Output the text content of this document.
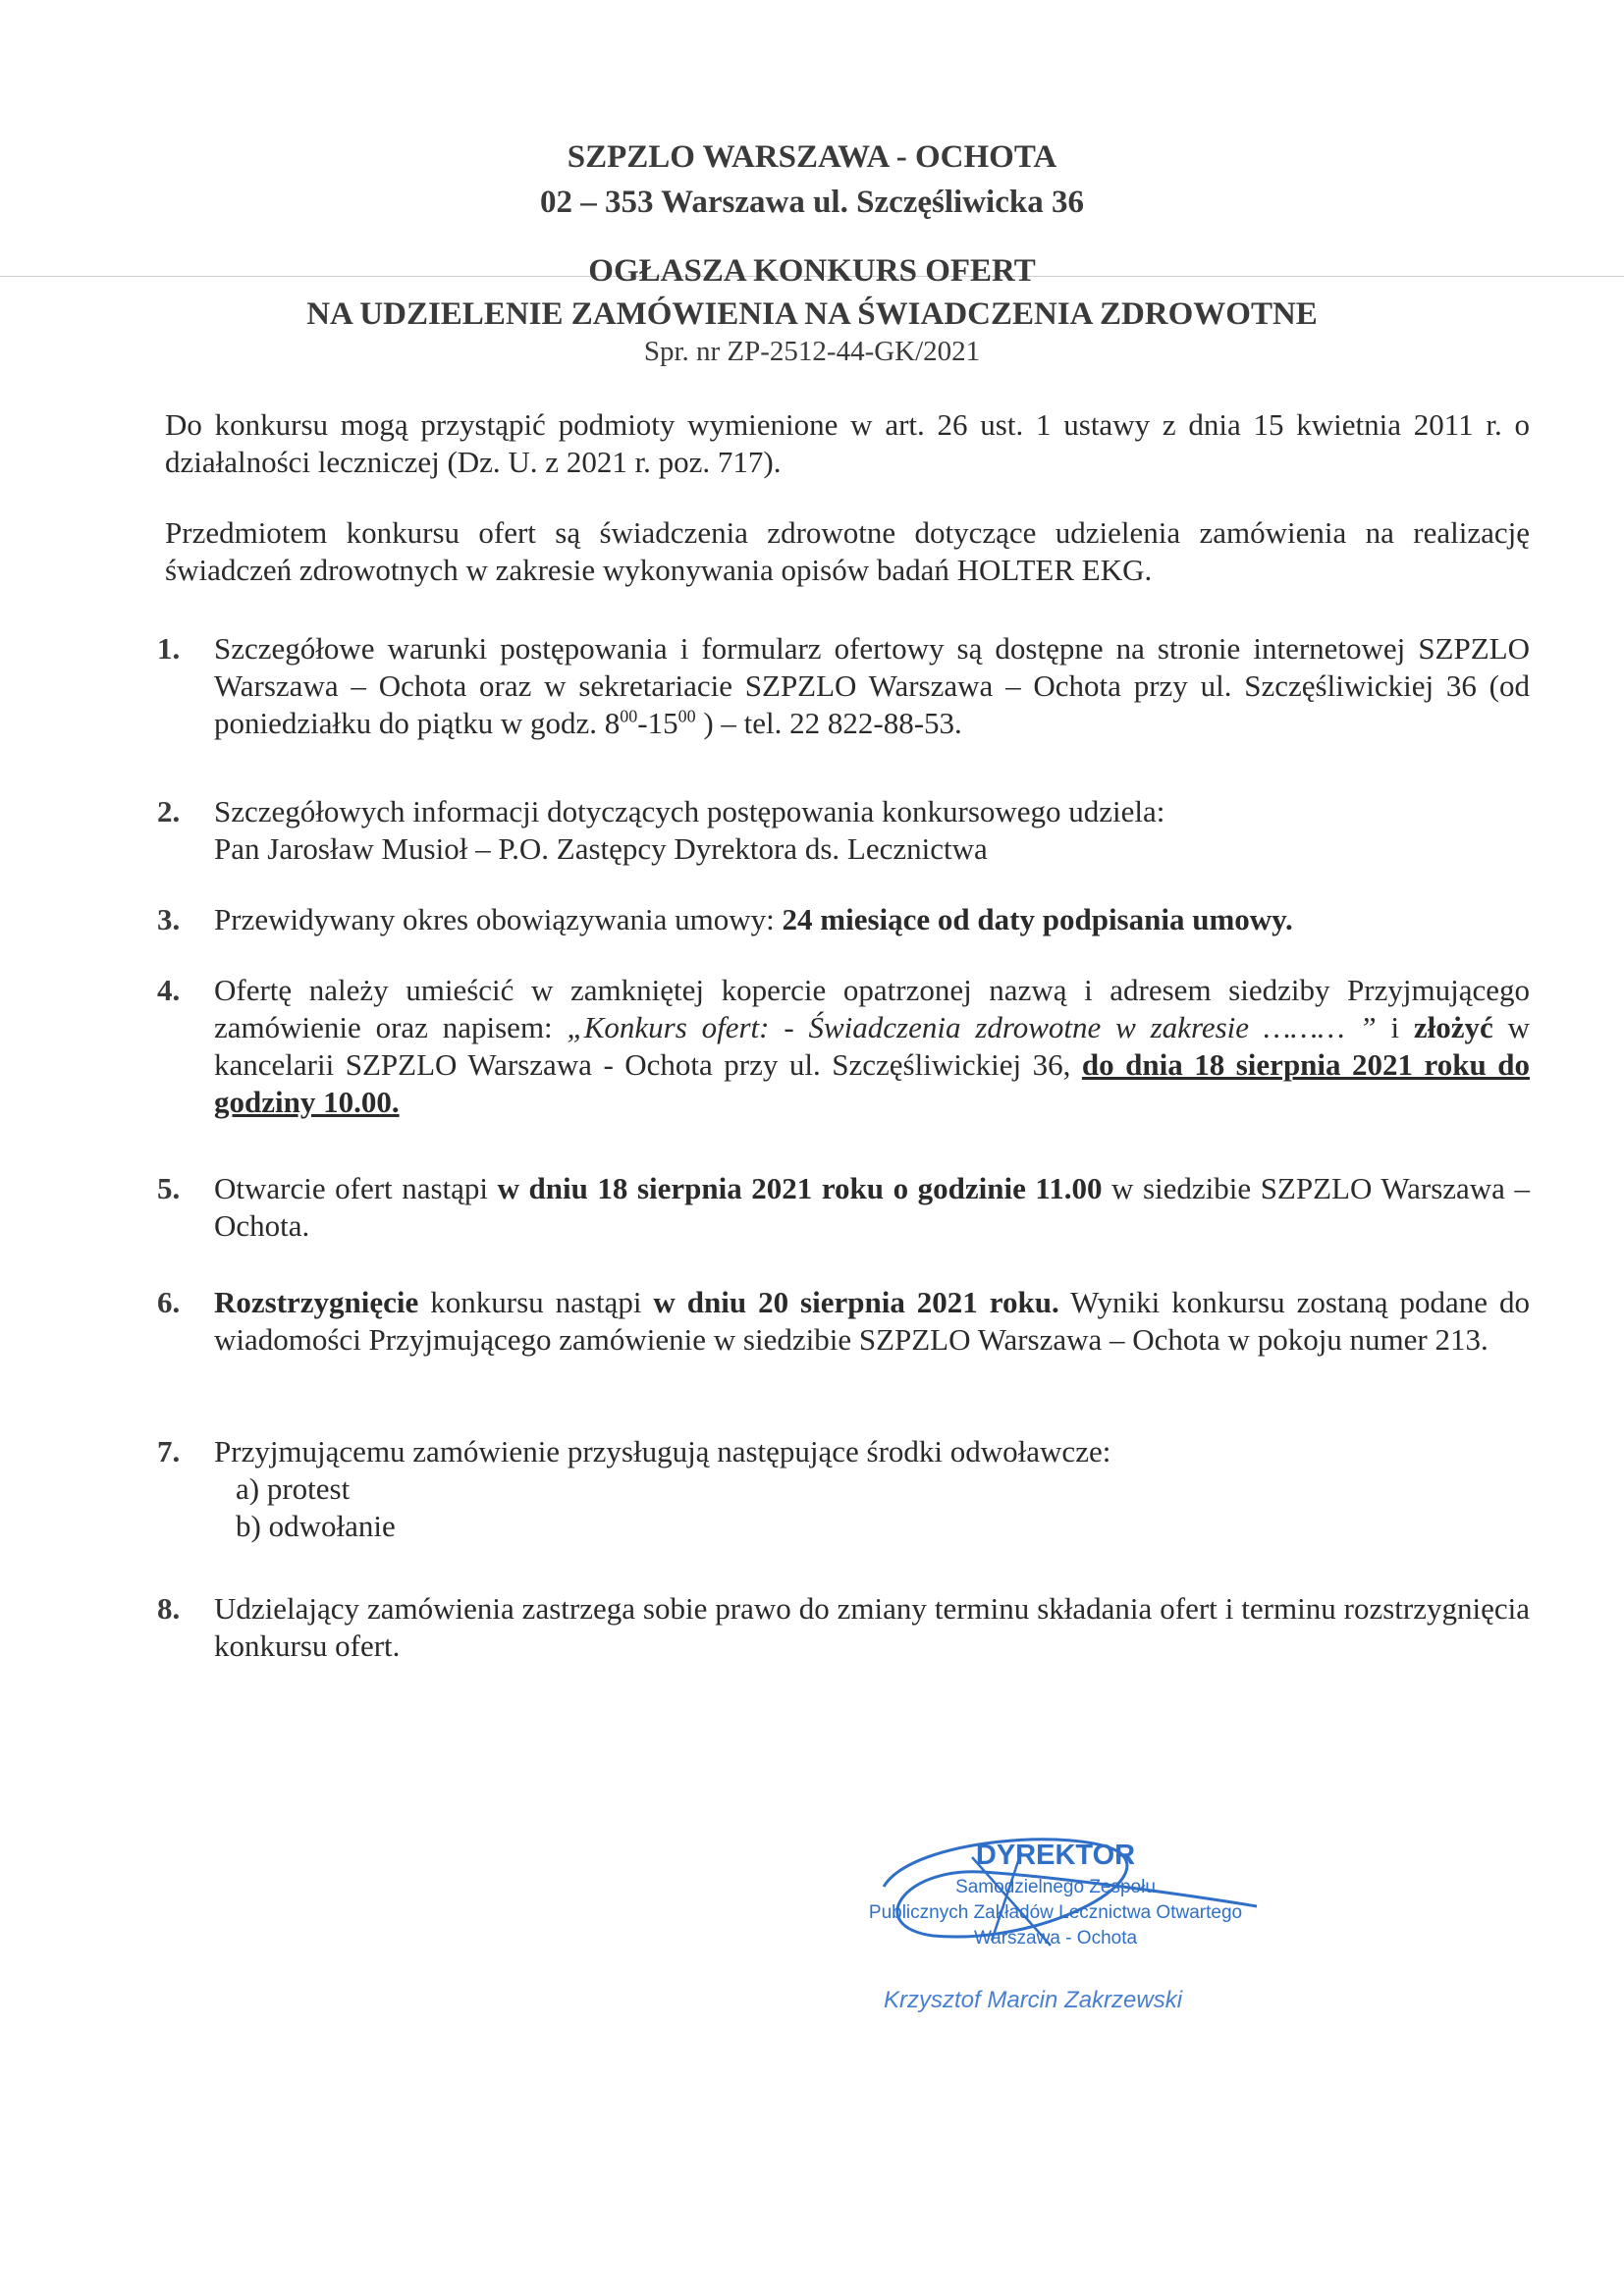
SZPZLO WARSZAWA - OCHOTA
02 – 353 Warszawa ul. Szczęśliwicka 36
OGŁASZA KONKURS OFERT
NA UDZIELENIE ZAMÓWIENIA NA ŚWIADCZENIA ZDROWOTNE
Spr. nr ZP-2512-44-GK/2021
Do konkursu mogą przystąpić podmioty wymienione w art. 26 ust. 1 ustawy z dnia 15 kwietnia 2011 r. o działalności leczniczej (Dz. U. z 2021 r. poz. 717).
Przedmiotem konkursu ofert są świadczenia zdrowotne dotyczące udzielenia zamówienia na realizację świadczeń zdrowotnych w zakresie wykonywania opisów badań HOLTER EKG.
1.	Szczegółowe warunki postępowania i formularz ofertowy są dostępne na stronie internetowej SZPZLO Warszawa – Ochota oraz w sekretariacie SZPZLO Warszawa – Ochota przy ul. Szczęśliwickiej 36 (od poniedziałku do piątku w godz. $8^{00}-15^{00}$ ) – tel. 22 822-88-53.
2.	Szczegółowych informacji dotyczących postępowania konkursowego udziela:
Pan Jarosław Musioł – P.O. Zastępcy Dyrektora ds. Lecznictwa
3.	Przewidywany okres obowiązywania umowy: 24 miesiące od daty podpisania umowy.
4.	Ofertę należy umieścić w zamkniętej kopercie opatrzonej nazwą i adresem siedziby Przyjmującego zamówienie oraz napisem: „Konkurs ofert: - Świadczenia zdrowotne w zakresie ……… ” i złożyć w kancelarii SZPZLO Warszawa - Ochota przy ul. Szczęśliwickiej 36, do dnia 18 sierpnia 2021 roku do godziny 10.00.
5.	Otwarcie ofert nastąpi w dniu 18 sierpnia 2021 roku o godzinie 11.00 w siedzibie SZPZLO Warszawa – Ochota.
6.	Rozstrzygnięcie konkursu nastąpi w dniu 20 sierpnia 2021 roku. Wyniki konkursu zostaną podane do wiadomości Przyjmującego zamówienie w siedzibie SZPZLO Warszawa – Ochota w pokoju numer 213.
7.	Przyjmującemu zamówienie przysługują następujące środki odwoławcze:
a) protest
b) odwołanie
8.	Udzielający zamówienia zastrzega sobie prawo do zmiany terminu składania ofert i terminu rozstrzygnięcia konkursu ofert.
DYREKTOR
Samodzielnego Zespołu
Publicznych Zakładów Lecznictwa Otwartego
Warszawa - Ochota
Krzysztof Marcin Zakrzewski
